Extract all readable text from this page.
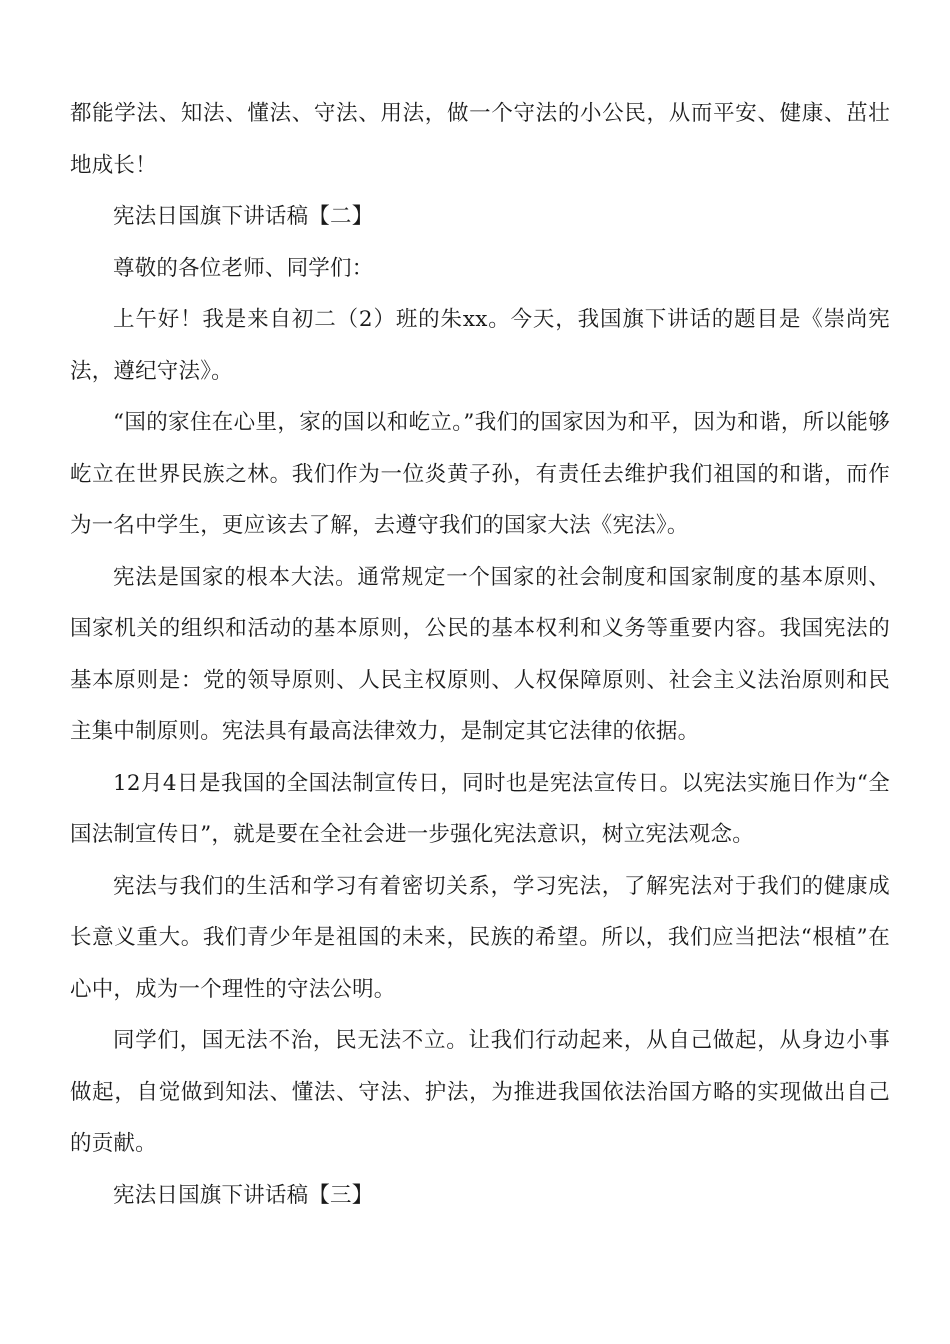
都能学法、知法、懂法、守法、用法，做一个守法的小公民，从而平安、健康、茁壮地成长！

宪法日国旗下讲话稿【二】

尊敬的各位老师、同学们：

上午好！我是来自初二（2）班的朱xx。今天，我国旗下讲话的题目是《崇尚宪法，遵纪守法》。

“国的家住在心里，家的国以和屹立。”我们的国家因为和平，因为和谐，所以能够屹立在世界民族之林。我们作为一位炎黄子孙，有责任去维护我们祖国的和谐，而作为一名中学生，更应该去了解，去遵守我们的国家大法《宪法》。

宪法是国家的根本大法。通常规定一个国家的社会制度和国家制度的基本原则、国家机关的组织和活动的基本原则，公民的基本权利和义务等重要内容。我国宪法的基本原则是：党的领导原则、人民主权原则、人权保障原则、社会主义法治原则和民主集中制原则。宪法具有最高法律效力，是制定其它法律的依据。

12月4日是我国的全国法制宣传日，同时也是宪法宣传日。以宪法实施日作为“全国法制宣传日”，就是要在全社会进一步强化宪法意识，树立宪法观念。

宪法与我们的生活和学习有着密切关系，学习宪法，了解宪法对于我们的健康成长意义重大。我们青少年是祖国的未来，民族的希望。所以，我们应当把法“根植”在心中，成为一个理性的守法公明。

同学们，国无法不治，民无法不立。让我们行动起来，从自己做起，从身边小事做起，自觉做到知法、懂法、守法、护法，为推进我国依法治国方略的实现做出自己的贡献。

宪法日国旗下讲话稿【三】
